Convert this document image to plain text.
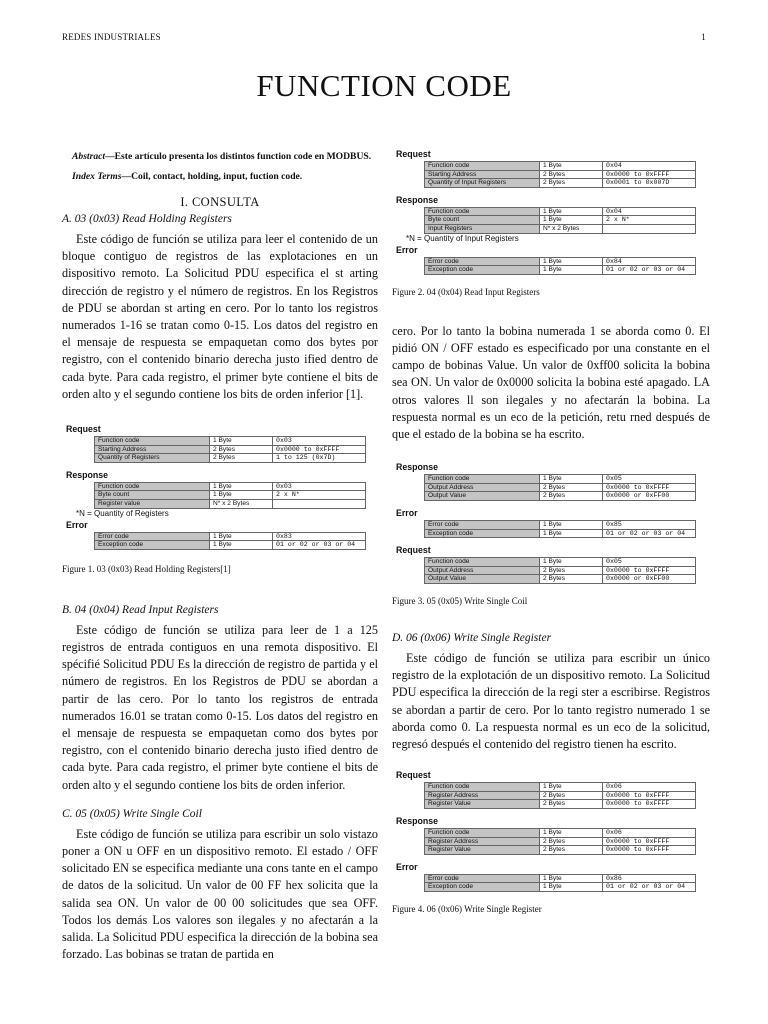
REDES INDUSTRIALES	1
FUNCTION CODE
Abstract—Este artículo presenta los distintos function code en MODBUS.
Index Terms—Coil, contact, holding, input, fuction code.
I. CONSULTA
A. 03 (0x03) Read Holding Registers

Este código de función se utiliza para leer el contenido de un bloque contiguo de registros de las explotaciones en un dispositivo remoto. La Solicitud PDU especifica el st arting dirección de registro y el número de registros. En los Registros de PDU se abordan st arting en cero. Por lo tanto los registros numerados 1-16 se tratan como 0-15. Los datos del registro en el mensaje de respuesta se empaquetan como dos bytes por registro, con el contenido binario derecha justo ified dentro de cada byte. Para cada registro, el primer byte contiene el bits de orden alto y el segundo contiene los bits de orden inferior [1].

Request
Function code	1 Byte	0x03
Starting Address	2 Bytes	0x0000 to 0xFFFF
Quantity of Registers	2 Bytes	1 to 125 (0x7D)
Response
Function code	1 Byte	0x03
Byte count	1 Byte	2 x N*
Register value	N* x 2 Bytes	
*N = Quantity of Registers
Error
Error code	1 Byte	0x83
Exception code	1 Byte	01 or 02 or 03 or 04
Figure 1. 03 (0x03) Read Holding Registers[1]
B. 04 (0x04) Read Input Registers

Este código de función se utiliza para leer de 1 a 125 registros de entrada contiguos en una remota dispositivo. El spécifié Solicitud PDU Es la dirección de registro de partida y el número de registros. En los Registros de PDU se abordan a partir de las cero. Por lo tanto los registros de entrada numerados 16.01 se tratan como 0-15. Los datos del registro en el mensaje de respuesta se empaquetan como dos bytes por registro, con el contenido binario derecha justo ified dentro de cada byte. Para cada registro, el primer byte contiene el bits de orden alto y el segundo contiene los bits de orden inferior.

C. 05 (0x05) Write Single Coil

Este código de función se utiliza para escribir un solo vistazo poner a ON u OFF en un dispositivo remoto. El estado / OFF solicitado EN se especifica mediante una cons tante en el campo de datos de la solicitud. Un valor de 00 FF hex solicita que la salida sea ON. Un valor de 00 00 solicitudes que sea OFF. Todos los demás Los valores son ilegales y no afectarán a la salida. La Solicitud PDU especifica la dirección de la bobina sea forzado. Las bobinas se tratan de partida en

Request
Function code	1 Byte	0x04
Starting Address	2 Bytes	0x0000 to 0xFFFF
Quantity of Input Registers	2 Bytes	0x0001 to 0x007D
Response
Function code	1 Byte	0x04
Byte count	1 Byte	2 x N*
Input Registers	N* x 2 Bytes	
*N = Quantity of Input Registers
Error
Error code	1 Byte	0x84
Exception code	1 Byte	01 or 02 or 03 or 04
Figure 2. 04 (0x04) Read Input Registers

cero. Por lo tanto la bobina numerada 1 se aborda como 0. El pidió ON / OFF estado es especificado por una constante en el campo de bobinas Value. Un valor de 0xff00 solicita la bobina sea ON. Un valor de 0x0000 solicita la bobina esté apagado. LA otros valores ll son ilegales y no afectarán la bobina. La respuesta normal es un eco de la petición, retu rned después de que el estado de la bobina se ha escrito.

Response
Function code	1 Byte	0x05
Output Address	2 Bytes	0x0000 to 0xFFFF
Output Value	2 Bytes	0x0000 or 0xFF00
Error
Error code	1 Byte	0x85
Exception code	1 Byte	01 or 02 or 03 or 04
Request
Function code	1 Byte	0x05
Output Address	2 Bytes	0x0000 to 0xFFFF
Output Value	2 Bytes	0x0000 or 0xFF00
Figure 3. 05 (0x05) Write Single Coil
D. 06 (0x06) Write Single Register

Este código de función se utiliza para escribir un único registro de la explotación de un dispositivo remoto. La Solicitud PDU especifica la dirección de la regi ster a escribirse. Registros se abordan a partir de cero. Por lo tanto registro numerado 1 se aborda como 0. La respuesta normal es un eco de la solicitud, regresó después el contenido del registro tienen ha escrito.

Request
Function code	1 Byte	0x06
Register Address	2 Bytes	0x0000 to 0xFFFF
Register Value	2 Bytes	0x0000 to 0xFFFF
Response
Function code	1 Byte	0x06
Register Address	2 Bytes	0x0000 to 0xFFFF
Register Value	2 Bytes	0x0000 to 0xFFFF
Error
Error code	1 Byte	0x86
Exception code	1 Byte	01 or 02 or 03 or 04
Figure 4. 06 (0x06) Write Single Register
